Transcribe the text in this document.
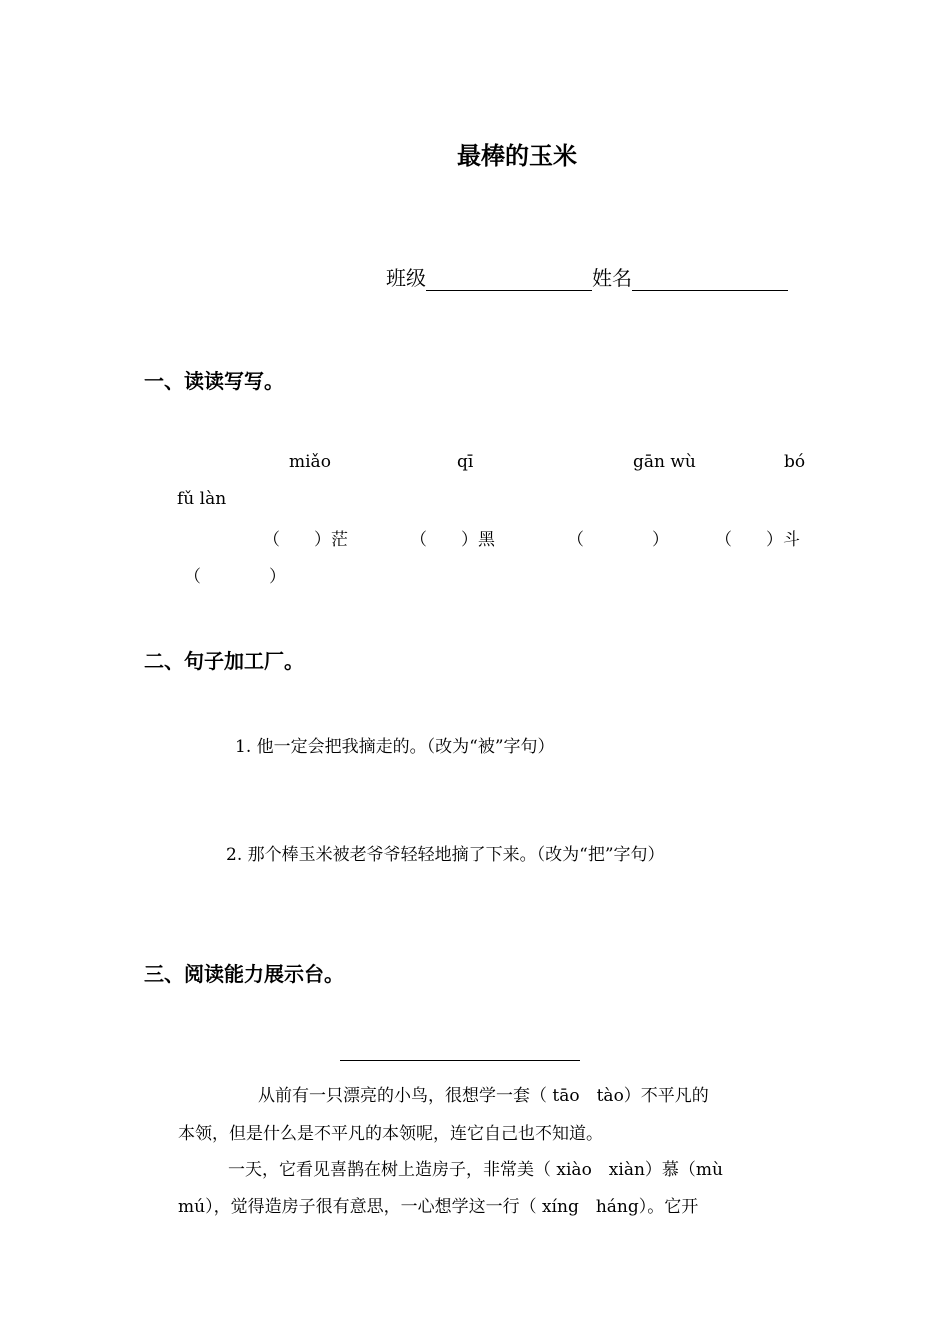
最棒的玉米
班级	姓名
一、读读写写。
miǎo	qī	gān wù	bó
fǔ làn
（　　）茫	（　　）黑	（　　　　）	（　　）斗
（　　　　）
二、句子加工厂。
1. 他一定会把我摘走的。（改为“被”字句）
2. 那个棒玉米被老爷爷轻轻地摘了下来。（改为“把”字句）
三、阅读能力展示台。
从前有一只漂亮的小鸟，很想学一套（ tāo　tào）不平凡的
本领，但是什么是不平凡的本领呢，连它自己也不知道。
一天，它看见喜鹊在树上造房子，非常美（ xiào　xiàn）慕（mù
mú），觉得造房子很有意思，一心想学这一行（ xíng　háng）。它开
